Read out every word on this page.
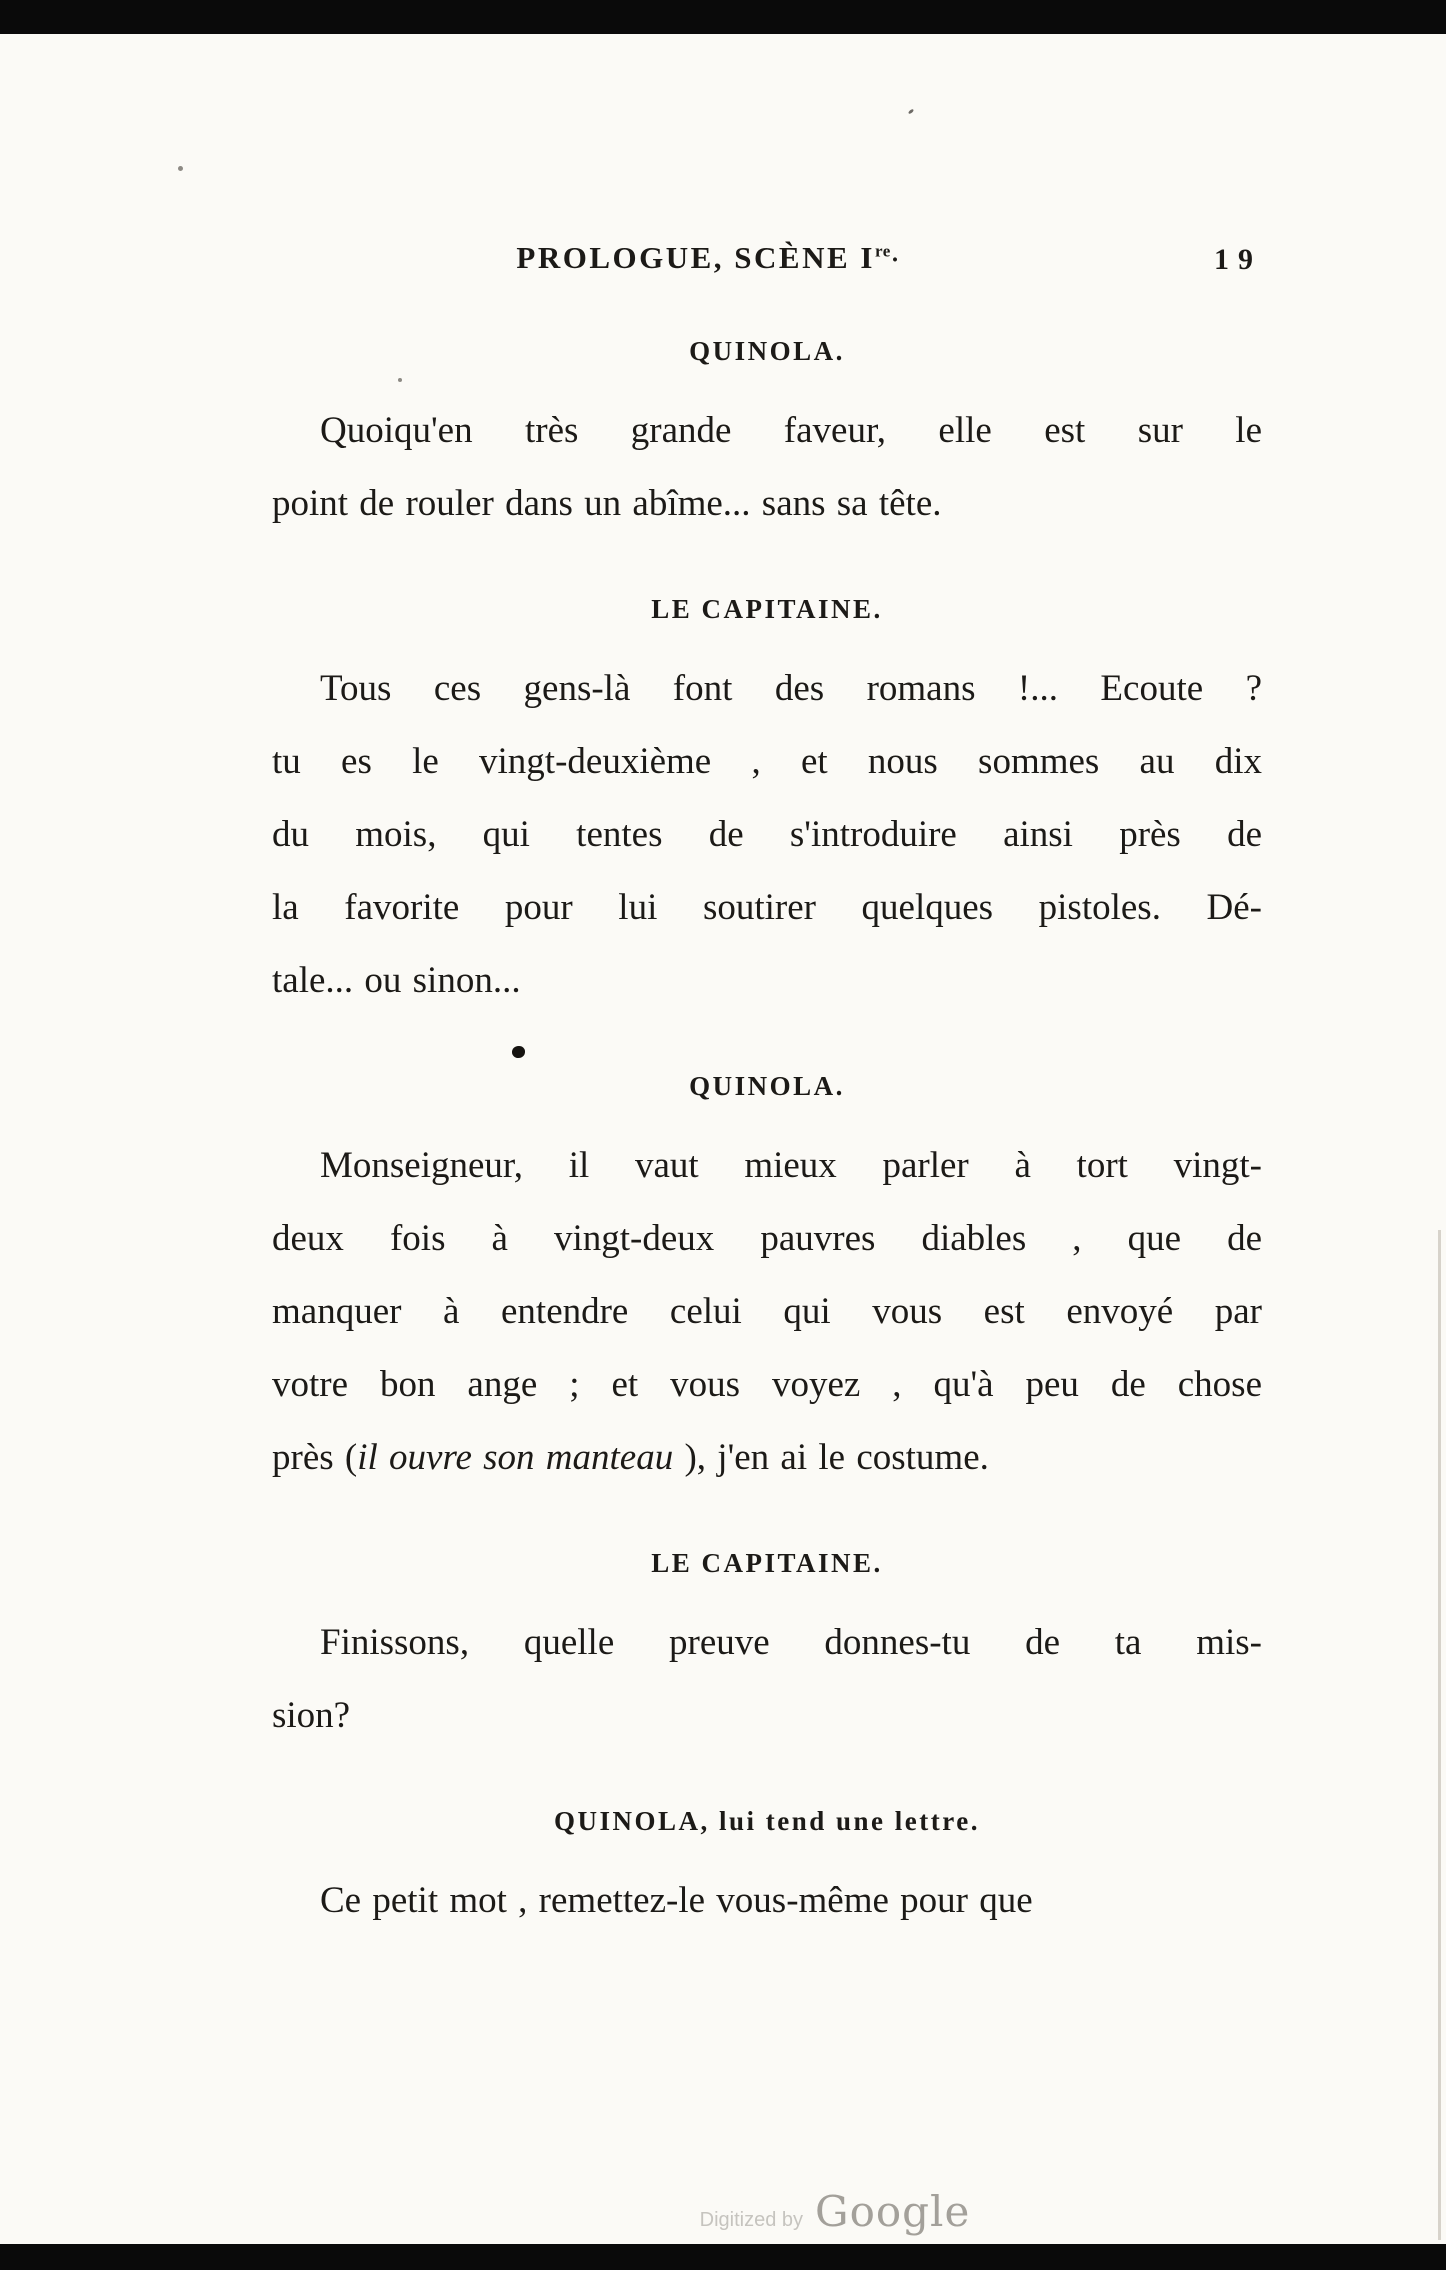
PROLOGUE, SCÈNE Ire·	19
QUINOLA.
Quoiqu'en très grande faveur, elle est sur le
point de rouler dans un abîme... sans sa tête.
LE CAPITAINE.
Tous ces gens-là font des romans !... Ecoute ?
tu es le vingt-deuxième , et nous sommes au dix
du mois, qui tentes de s'introduire ainsi près de
la favorite pour lui soutirer quelques pistoles. Dé-
tale... ou sinon...
QUINOLA.
Monseigneur, il vaut mieux parler à tort vingt-
deux fois à vingt-deux pauvres diables , que de
manquer à entendre celui qui vous est envoyé par
votre bon ange ; et vous voyez , qu'à peu de chose
près (il ouvre son manteau ), j'en ai le costume.
LE CAPITAINE.
Finissons, quelle preuve donnes-tu de ta mis-
sion?
QUINOLA, lui tend une lettre.
Ce petit mot , remettez-le vous-même pour que
Digitized by Google
